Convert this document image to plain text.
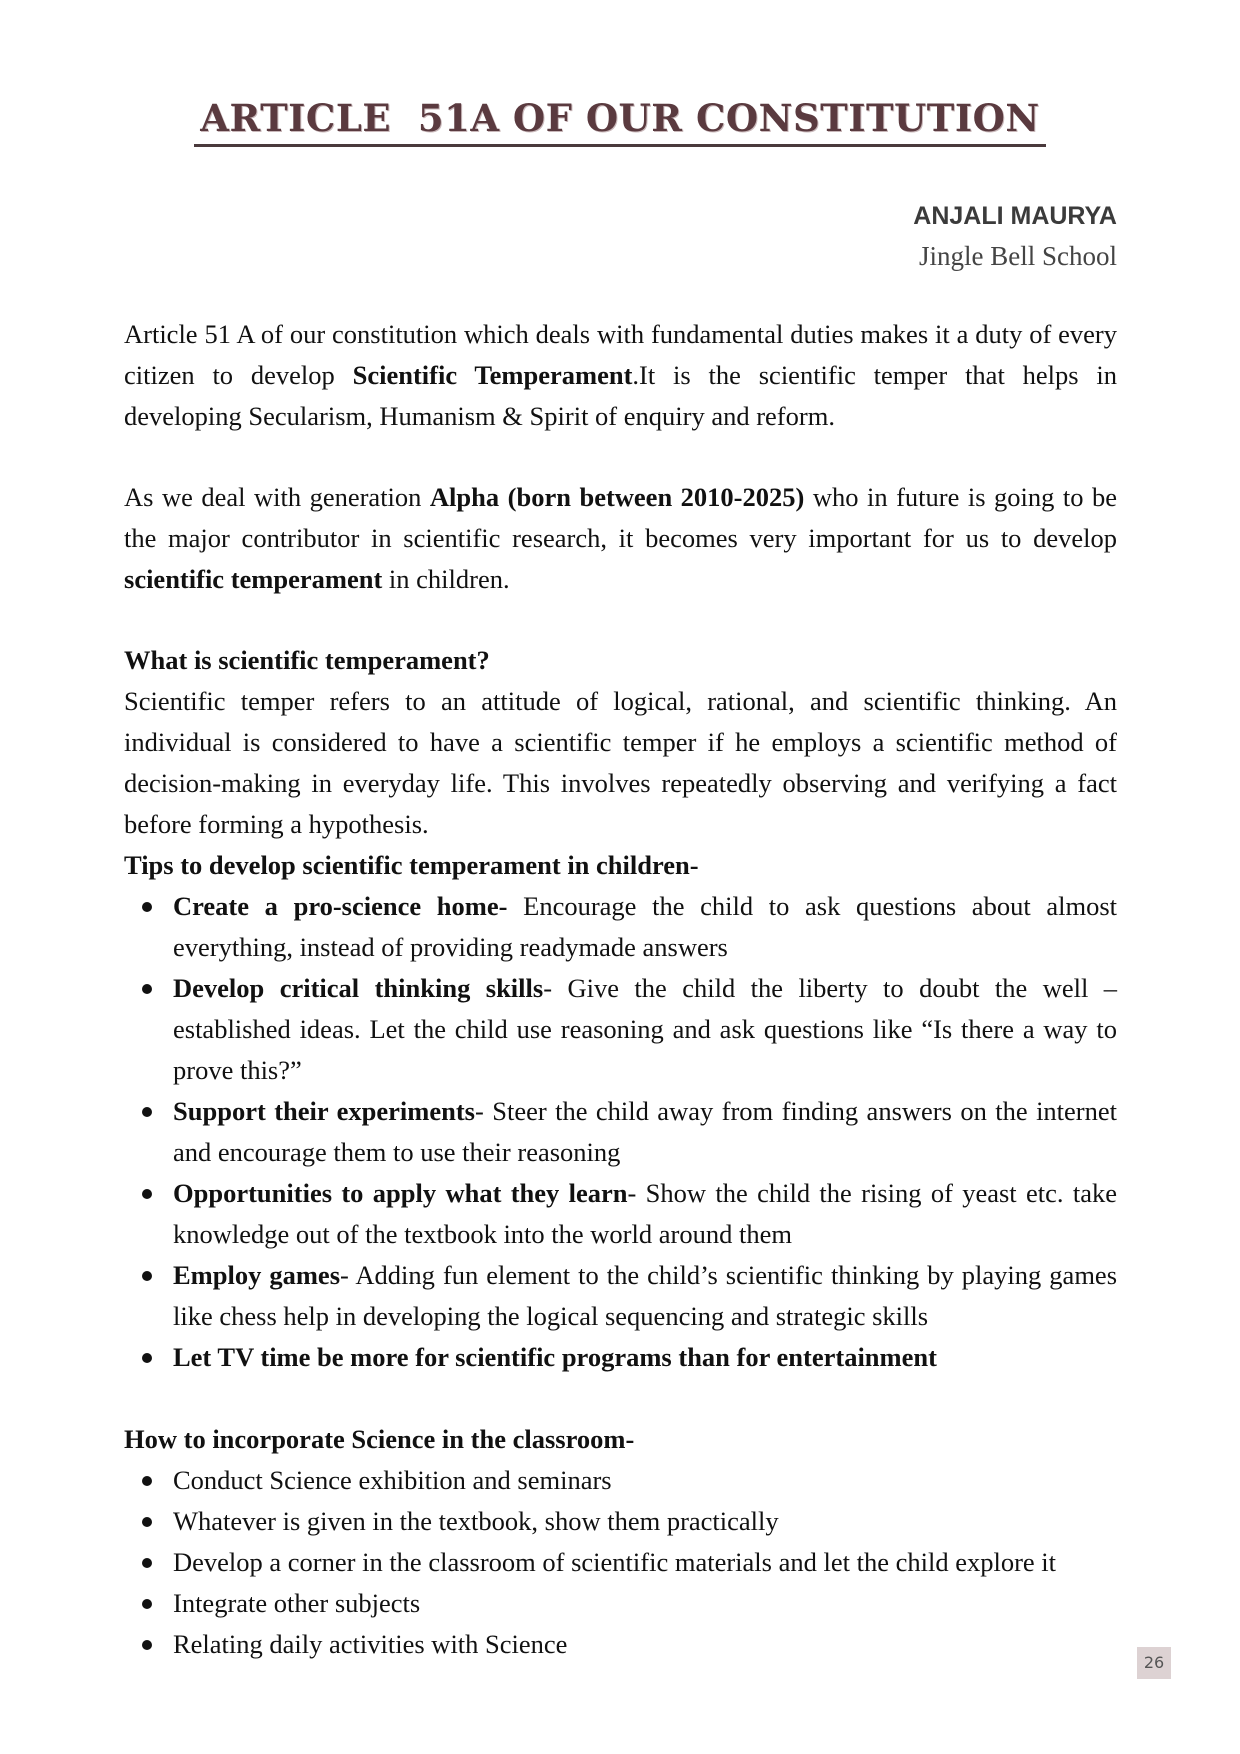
ARTICLE  51A OF OUR CONSTITUTION
ANJALI MAURYA
Jingle Bell School

Article 51 A of our constitution which deals with fundamental duties makes it a duty of every citizen to develop Scientific Temperament.It is the scientific temper that helps in developing Secularism, Humanism & Spirit of enquiry and reform.

As we deal with generation Alpha (born between 2010-2025) who in future is going to be the major contributor in scientific research, it becomes very important for us to develop scientific temperament in children.

What is scientific temperament?

Scientific temper refers to an attitude of logical, rational, and scientific thinking. An individual is considered to have a scientific temper if he employs a scientific method of decision-making in everyday life. This involves repeatedly observing and verifying a fact before forming a hypothesis.

Tips to develop scientific temperament in children-

Create a pro-science home- Encourage the child to ask questions about almost everything, instead of providing readymade answers
Develop critical thinking skills- Give the child the liberty to doubt the well – established ideas. Let the child use reasoning and ask questions like “Is there a way to prove this?”
Support their experiments- Steer the child away from finding answers on the internet and encourage them to use their reasoning
Opportunities to apply what they learn- Show the child the rising of yeast etc. take knowledge out of the textbook into the world around them
Employ games- Adding fun element to the child’s scientific thinking by playing games like chess help in developing the logical sequencing and strategic skills
Let TV time be more for scientific programs than for entertainment

How to incorporate Science in the classroom-

Conduct Science exhibition and seminars
Whatever is given in the textbook, show them practically
Develop a corner in the classroom of scientific materials and let the child explore it
Integrate other subjects
Relating daily activities with Science
26
